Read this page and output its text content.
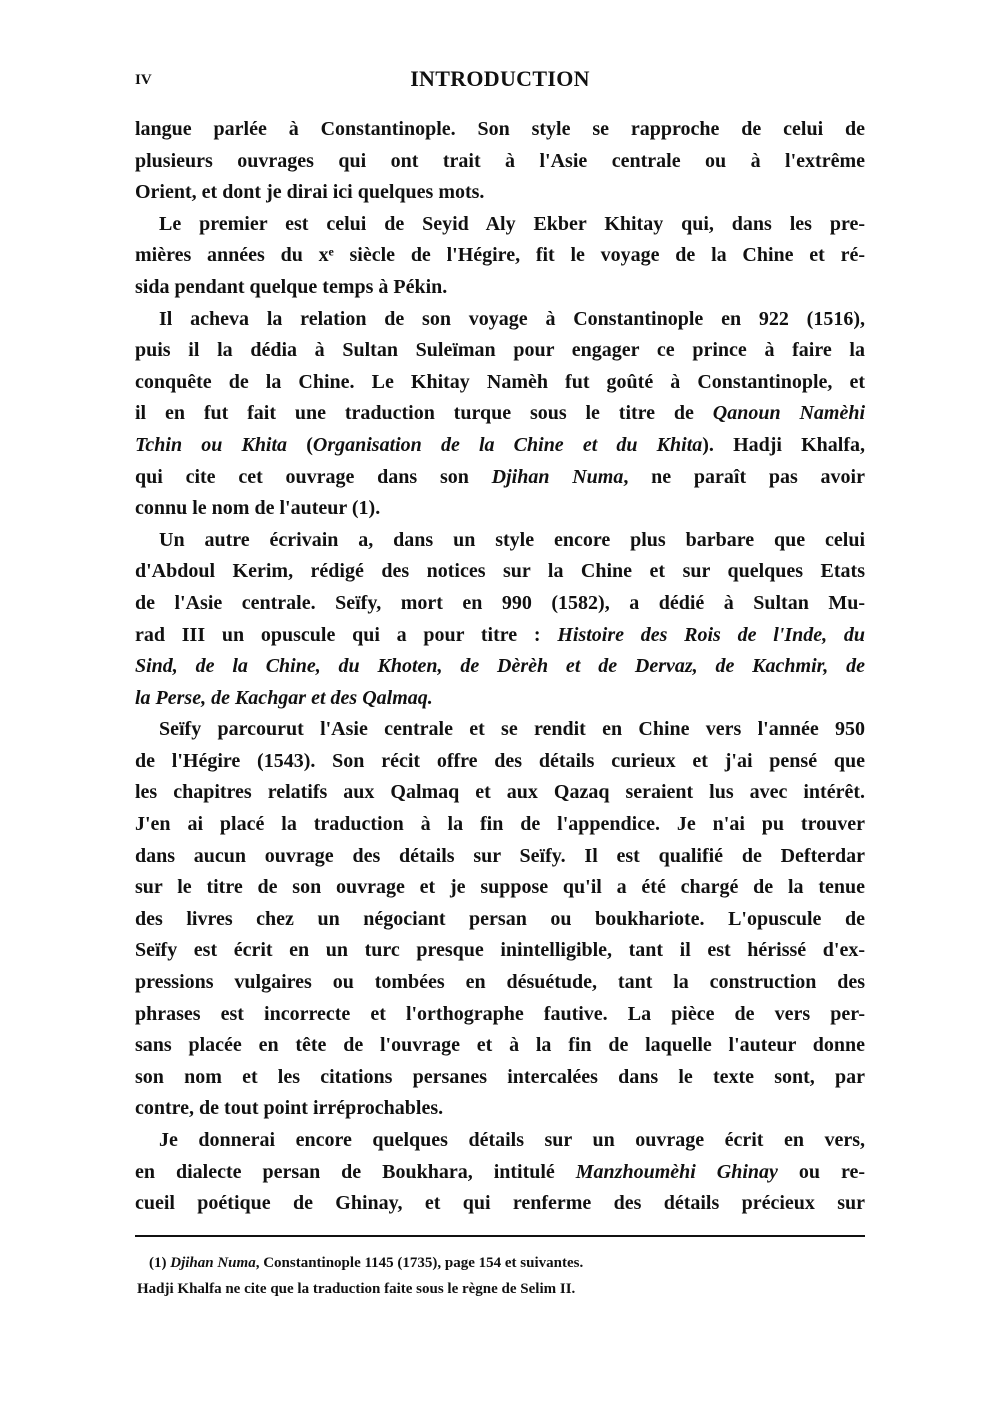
IV	INTRODUCTION
langue parlée à Constantinople. Son style se rapproche de celui de
plusieurs ouvrages qui ont trait à l'Asie centrale ou à l'extrême
Orient, et dont je dirai ici quelques mots.
Le premier est celui de Seyid Aly Ekber Khitay qui, dans les pre-
mières années du xᵉ siècle de l'Hégire, fit le voyage de la Chine et ré-
sida pendant quelque temps à Pékin.
Il acheva la relation de son voyage à Constantinople en 922 (1516),
puis il la dédia à Sultan Suleïman pour engager ce prince à faire la
conquête de la Chine. Le Khitay Namèh fut goûté à Constantinople, et
il en fut fait une traduction turque sous le titre de Qanoun Namèhi
Tchin ou Khita (Organisation de la Chine et du Khita). Hadji Khalfa,
qui cite cet ouvrage dans son Djihan Numa, ne paraît pas avoir
connu le nom de l'auteur (1).
Un autre écrivain a, dans un style encore plus barbare que celui
d'Abdoul Kerim, rédigé des notices sur la Chine et sur quelques Etats
de l'Asie centrale. Seïfy, mort en 990 (1582), a dédié à Sultan Mu-
rad III un opuscule qui a pour titre : Histoire des Rois de l'Inde, du
Sind, de la Chine, du Khoten, de Dèrèh et de Dervaz, de Kachmir, de
la Perse, de Kachgar et des Qalmaq.
Seïfy parcourut l'Asie centrale et se rendit en Chine vers l'année 950
de l'Hégire (1543). Son récit offre des détails curieux et j'ai pensé que
les chapitres relatifs aux Qalmaq et aux Qazaq seraient lus avec intérêt.
J'en ai placé la traduction à la fin de l'appendice. Je n'ai pu trouver
dans aucun ouvrage des détails sur Seïfy. Il est qualifié de Defterdar
sur le titre de son ouvrage et je suppose qu'il a été chargé de la tenue
des livres chez un négociant persan ou boukhariote. L'opuscule de
Seïfy est écrit en un turc presque inintelligible, tant il est hérissé d'ex-
pressions vulgaires ou tombées en désuétude, tant la construction des
phrases est incorrecte et l'orthographe fautive. La pièce de vers per-
sans placée en tête de l'ouvrage et à la fin de laquelle l'auteur donne
son nom et les citations persanes intercalées dans le texte sont, par
contre, de tout point irréprochables.
Je donnerai encore quelques détails sur un ouvrage écrit en vers,
en dialecte persan de Boukhara, intitulé Manzhoumèhi Ghinay ou re-
cueil poétique de Ghinay, et qui renferme des détails précieux sur
(1) Djihan Numa, Constantinople 1145 (1735), page 154 et suivantes.
Hadji Khalfa ne cite que la traduction faite sous le règne de Selim II.
